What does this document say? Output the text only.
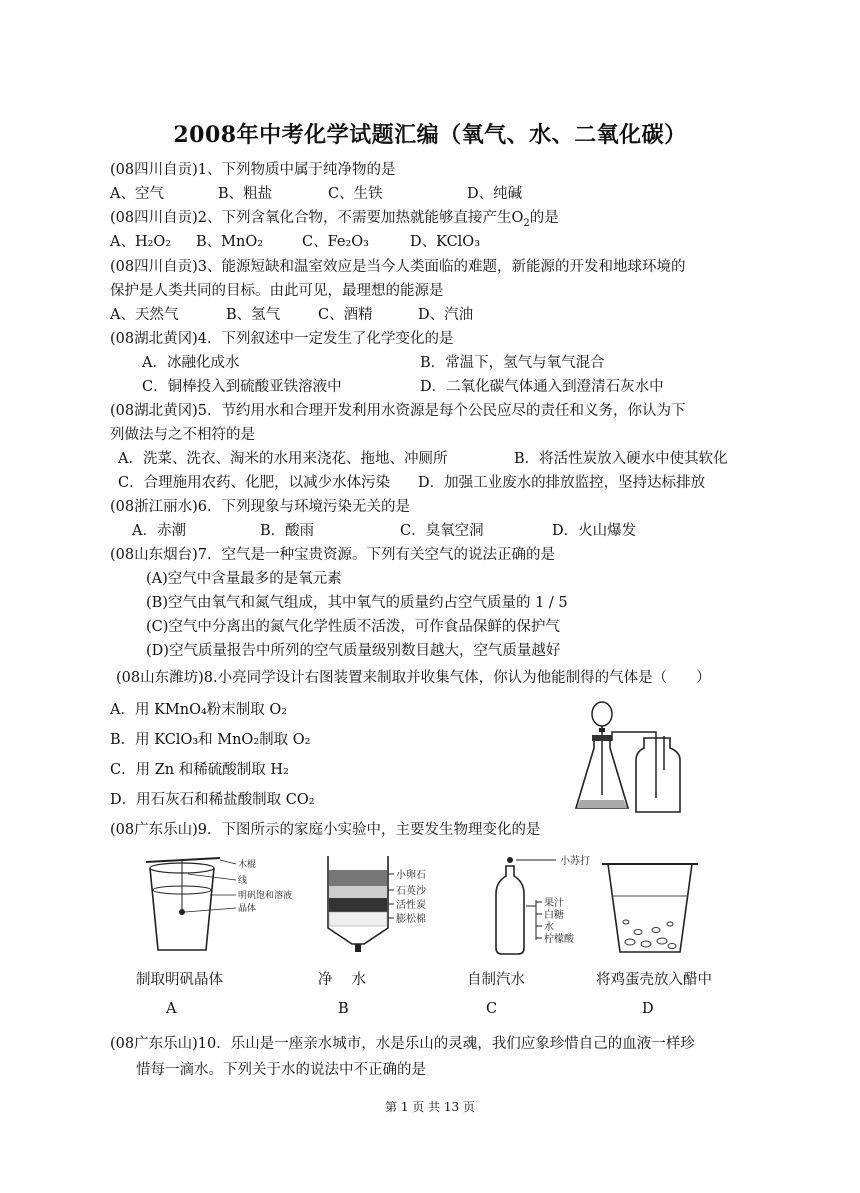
2008年中考化学试题汇编（氧气、水、二氧化碳）
(08四川自贡)1、下列物质中属于纯净物的是
A、空气	B、粗盐	C、生铁	D、纯碱
(08四川自贡)2、下列含氧化合物，不需要加热就能够直接产生$O_2$的是
A、H₂O₂ B、MnO₂	C、Fe₂O₃	D、KClO₃
(08四川自贡)3、能源短缺和温室效应是当今人类面临的难题，新能源的开发和地球环境的
保护是人类共同的目标。由此可见，最理想的能源是
A、天然气	B、氢气	C、酒精	D、汽油
(08湖北黄冈)4．下列叙述中一定发生了化学变化的是
A．冰融化成水	B．常温下，氢气与氧气混合
C．铜棒投入到硫酸亚铁溶液中	D．二氧化碳气体通入到澄清石灰水中
(08湖北黄冈)5．节约用水和合理开发利用水资源是每个公民应尽的责任和义务，你认为下
列做法与之不相符的是
A．洗菜、洗衣、淘米的水用来浇花、拖地、冲厕所	B．将活性炭放入硬水中使其软化
C．合理施用农药、化肥，以减少水体污染 D．加强工业废水的排放监控，坚持达标排放
(08浙江丽水)6．下列现象与环境污染无关的是
A．赤潮	B．酸雨	C．臭氧空洞	D．火山爆发
(08山东烟台)7．空气是一种宝贵资源。下列有关空气的说法正确的是
(A)空气中含量最多的是氧元素
(B)空气由氧气和氮气组成，其中氧气的质量约占空气质量的 1 / 5
(C)空气中分离出的氮气化学性质不活泼，可作食品保鲜的保护气
(D)空气质量报告中所列的空气质量级别数目越大，空气质量越好
(08山东潍坊)8.小亮同学设计右图装置来制取并收集气体，你认为他能制得的气体是（　　）
A．用 KMnO₄粉末制取 O₂
B．用 KClO₃和 MnO₂制取 O₂
C．用 Zn 和稀硫酸制取 H₂
D．用石灰石和稀盐酸制取 CO₂
(08广东乐山)9．下图所示的家庭小实验中，主要发生物理变化的是
木棍
线
明矾饱和溶液
晶体
小卵石
石英沙
活性炭
膨松棉
小苏打
果汁
白糖
水
柠檬酸
制取明矾晶体	净　 水	自制汽水	将鸡蛋壳放入醋中
A	B	C	D
(08广东乐山)10．乐山是一座亲水城市，水是乐山的灵魂，我们应象珍惜自己的血液一样珍
惜每一滴水。下列关于水的说法中不正确的是
第 1 页 共 13 页
